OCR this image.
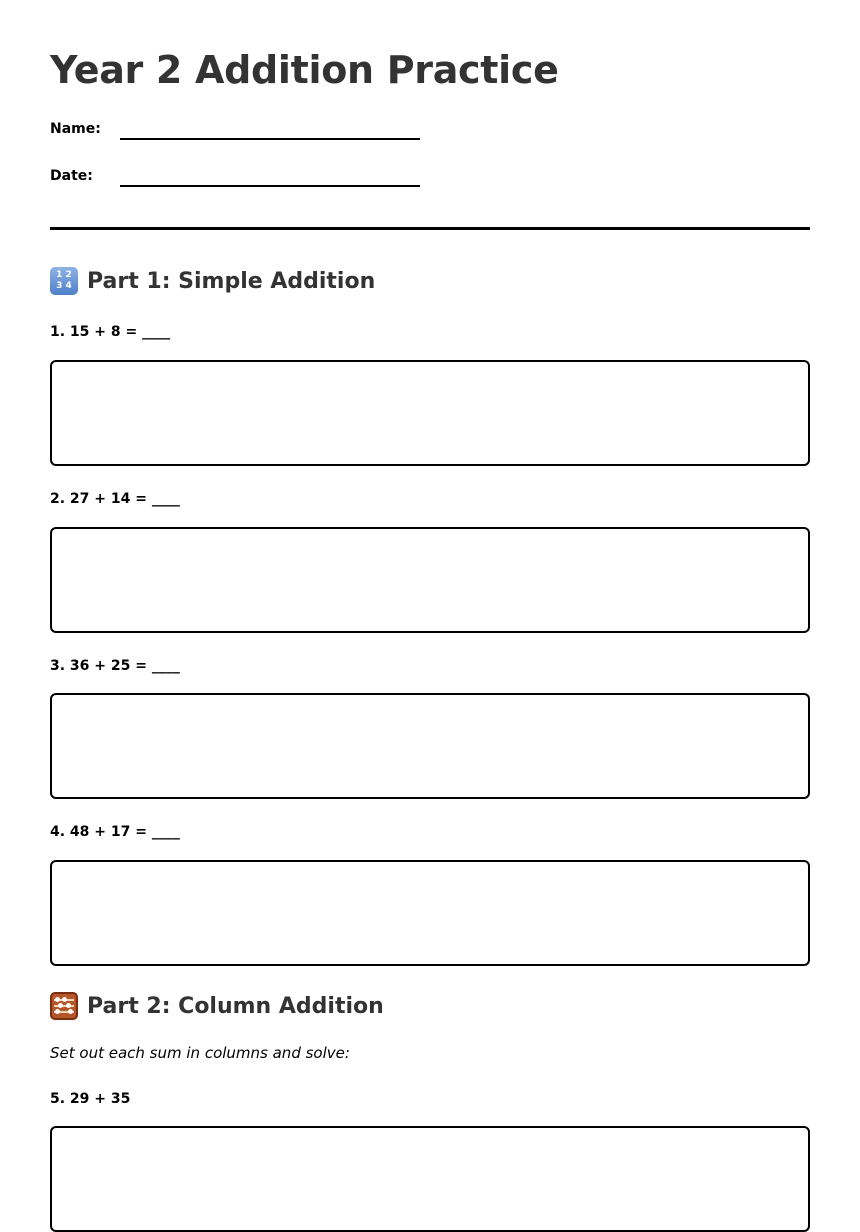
Year 2 Addition Practice
Name:
Date:
1 2
3 4 Part 1: Simple Addition
1. 15 + 8 = ____
2. 27 + 14 = ____
3. 36 + 25 = ____
4. 48 + 17 = ____
Part 2: Column Addition
Set out each sum in columns and solve:
5. 29 + 35
